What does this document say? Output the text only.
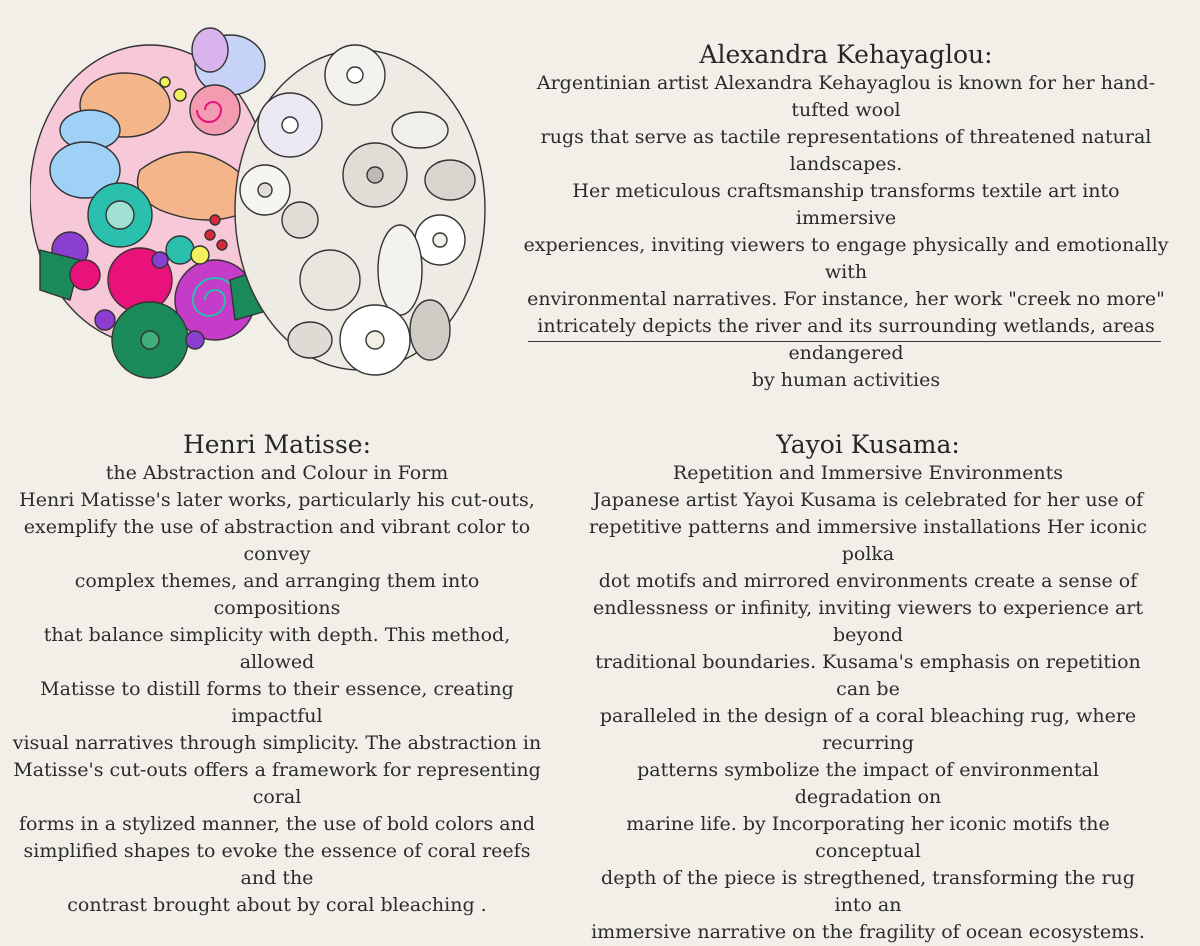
Alexandra Kehayaglou:
Argentinian artist Alexandra Kehayaglou is known for her hand-tufted wool
rugs that serve as tactile representations of threatened natural landscapes.
Her meticulous craftsmanship transforms textile art into immersive
experiences, inviting viewers to engage physically and emotionally with
environmental narratives. For instance, her work "creek no more"
intricately depicts the river and its surrounding wetlands, areas endangered
by human activities
Henri Matisse:
the Abstraction and Colour in Form
Henri Matisse's later works, particularly his cut-outs,
exemplify the use of abstraction and vibrant color to convey
complex themes, and arranging them into compositions
that balance simplicity with depth. This method, allowed
Matisse to distill forms to their essence, creating impactful
visual narratives through simplicity. The abstraction in
Matisse's cut-outs offers a framework for representing coral
forms in a stylized manner, the use of bold colors and
simplified shapes to evoke the essence of coral reefs and the
contrast brought about by coral bleaching .
Yayoi Kusama:
Repetition and Immersive Environments
Japanese artist Yayoi Kusama is celebrated for her use of
repetitive patterns and immersive installations Her iconic polka
dot motifs and mirrored environments create a sense of
endlessness or infinity, inviting viewers to experience art beyond
traditional boundaries. Kusama's emphasis on repetition can be
paralleled in the design of a coral bleaching rug, where recurring
patterns symbolize the impact of environmental degradation on
marine life. by Incorporating her iconic motifs the conceptual
depth of the piece is stregthened, transforming the rug into an
immersive narrative on the fragility of ocean ecosystems.
